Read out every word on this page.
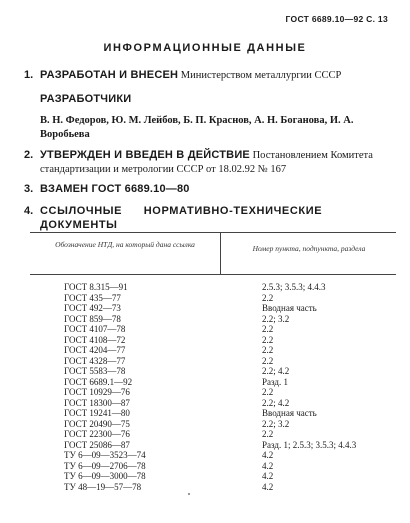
ГОСТ 6689.10—92 С. 13
ИНФОРМАЦИОННЫЕ ДАННЫЕ
1. РАЗРАБОТАН И ВНЕСЕН Министерством металлургии СССР
РАЗРАБОТЧИКИ
В. Н. Федоров, Ю. М. Лейбов, Б. П. Краснов, А. Н. Боганова, И. А. Воробьева
2. УТВЕРЖДЕН И ВВЕДЕН В ДЕЙСТВИЕ Постановлением Комитета стандартизации и метрологии СССР от 18.02.92 № 167
3. ВЗАМЕН ГОСТ 6689.10—80
4. ССЫЛОЧНЫЕ НОРМАТИВНО-ТЕХНИЧЕСКИЕ ДОКУМЕНТЫ
Обозначение НТД, на который дана ссылка	Номер пункта, подпункта, раздела
ГОСТ 8.315—91	2.5.3; 3.5.3; 4.4.3
ГОСТ 435—77	2.2
ГОСТ 492—73	Вводная часть
ГОСТ 859—78	2.2; 3.2
ГОСТ 4107—78	2.2
ГОСТ 4108—72	2.2
ГОСТ 4204—77	2.2
ГОСТ 4328—77	2.2
ГОСТ 5583—78	2.2; 4.2
ГОСТ 6689.1—92	Разд. 1
ГОСТ 10929—76	2.2
ГОСТ 18300—87	2.2; 4.2
ГОСТ 19241—80	Вводная часть
ГОСТ 20490—75	2.2; 3.2
ГОСТ 22300—76	2.2
ГОСТ 25086—87	Разд. 1; 2.5.3; 3.5.3; 4.4.3
ТУ 6—09—3523—74	4.2
ТУ 6—09—2706—78	4.2
ТУ 6—09—3000—78	4.2
ТУ 48—19—57—78	4.2
